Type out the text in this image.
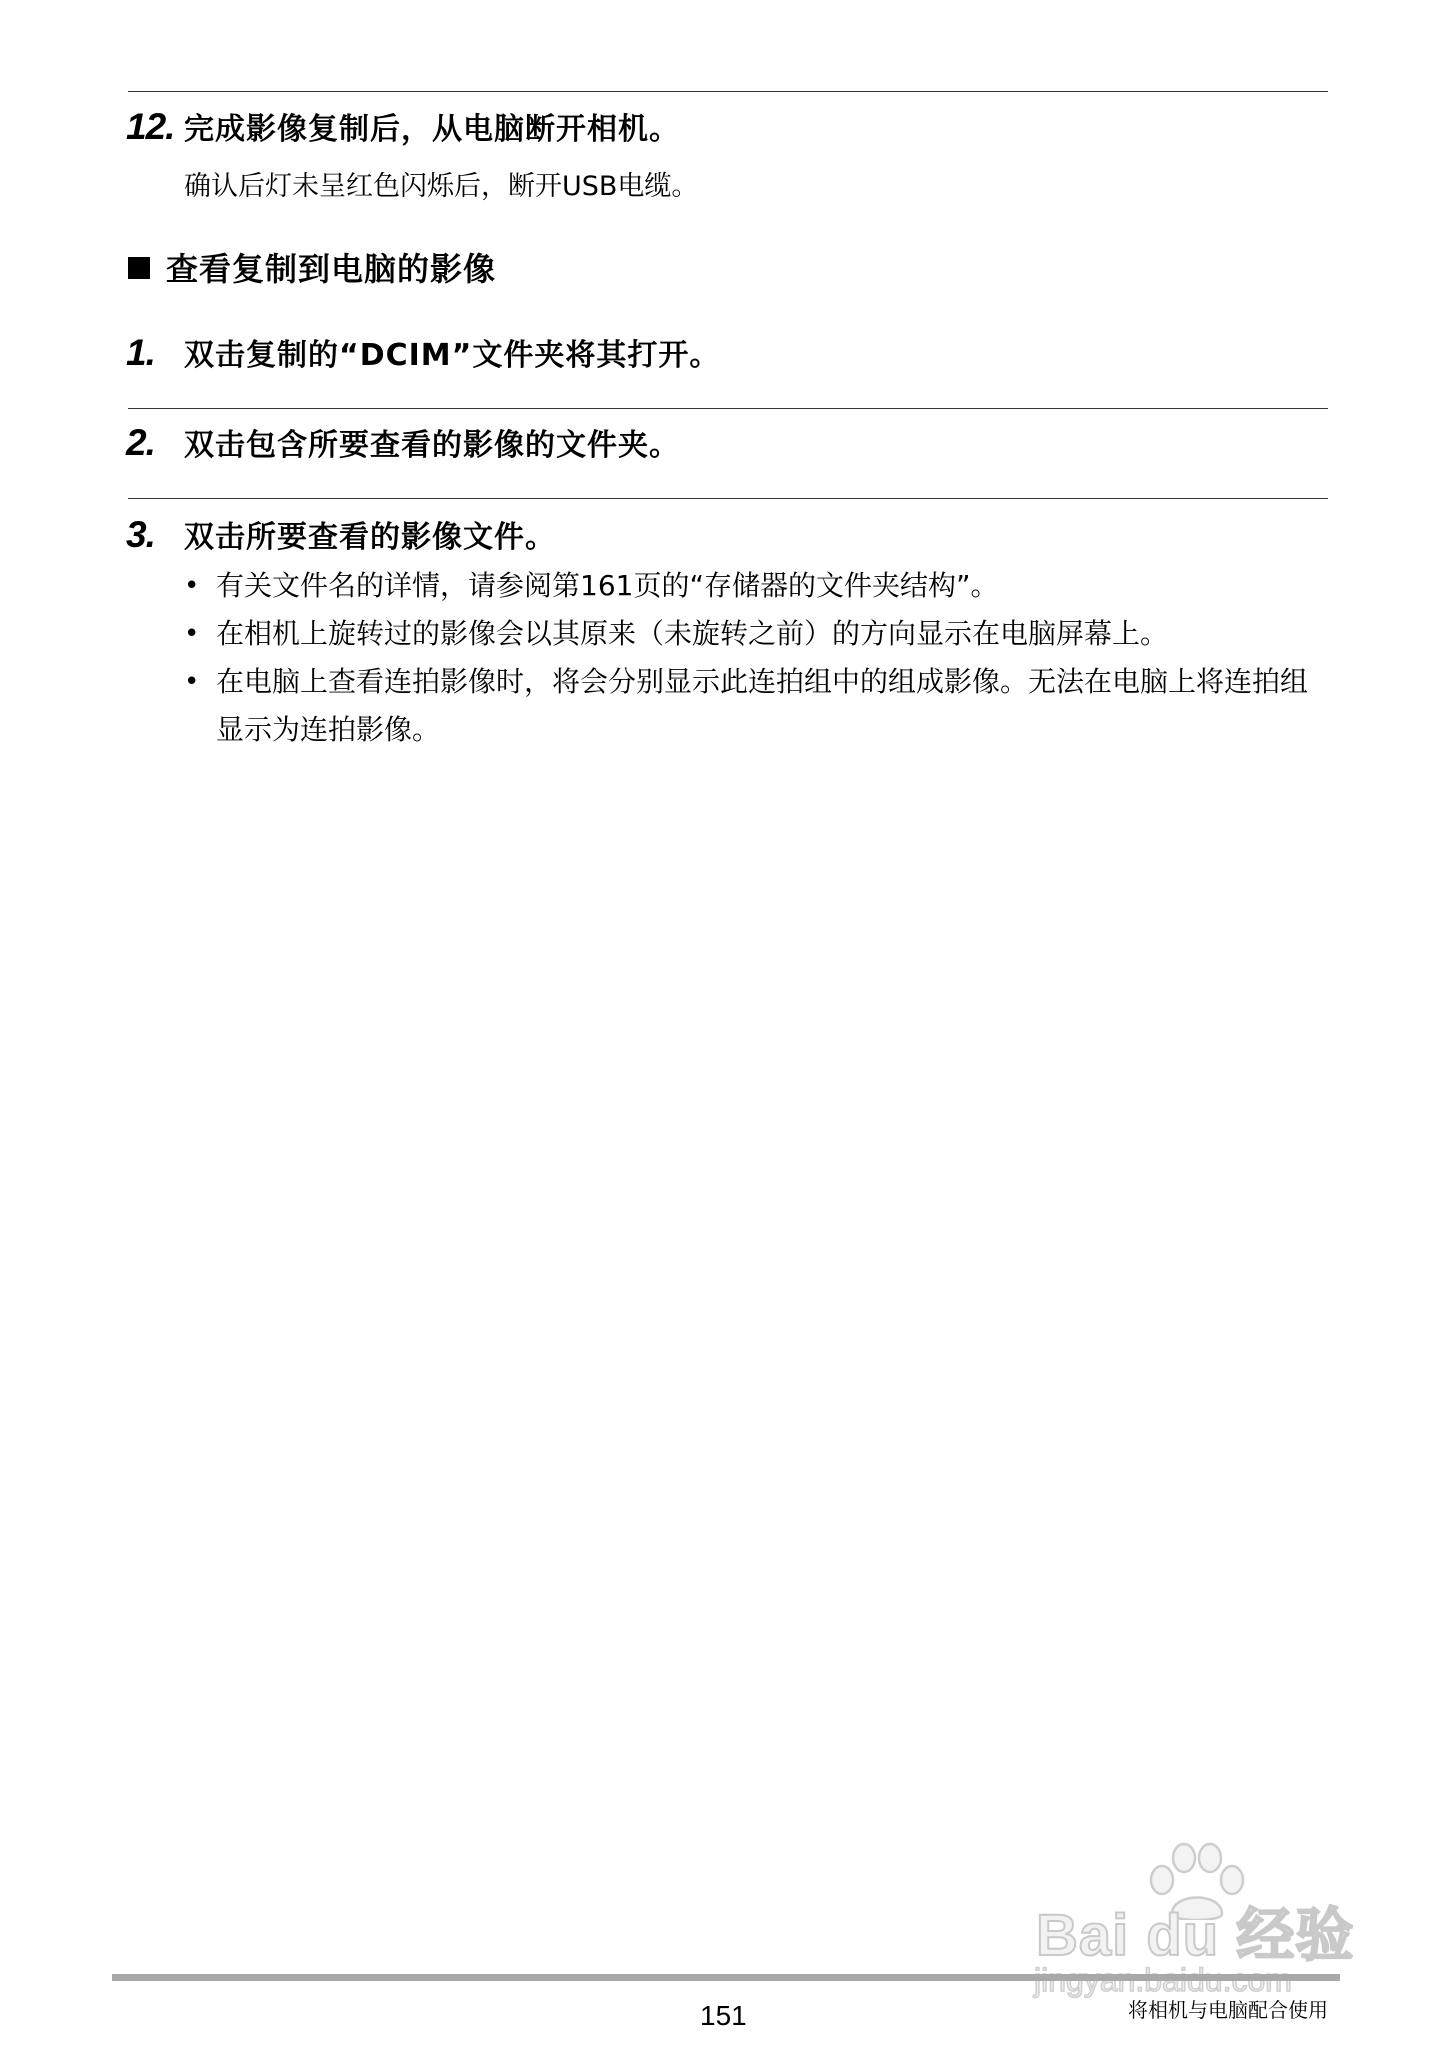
12. 完成影像复制后，从电脑断开相机。
确认后灯未呈红色闪烁后，断开USB电缆。
查看复制到电脑的影像
1. 双击复制的“DCIM”文件夹将其打开。
2. 双击包含所要查看的影像的文件夹。
3. 双击所要查看的影像文件。
• 有关文件名的详情，请参阅第161页的“存储器的文件夹结构”。
• 在相机上旋转过的影像会以其原来（未旋转之前）的方向显示在电脑屏幕上。
• 在电脑上查看连拍影像时，将会分别显示此连拍组中的组成影像。无法在电脑上将连拍组显示为连拍影像。
Bai du 经验
151	将相机与电脑配合使用
